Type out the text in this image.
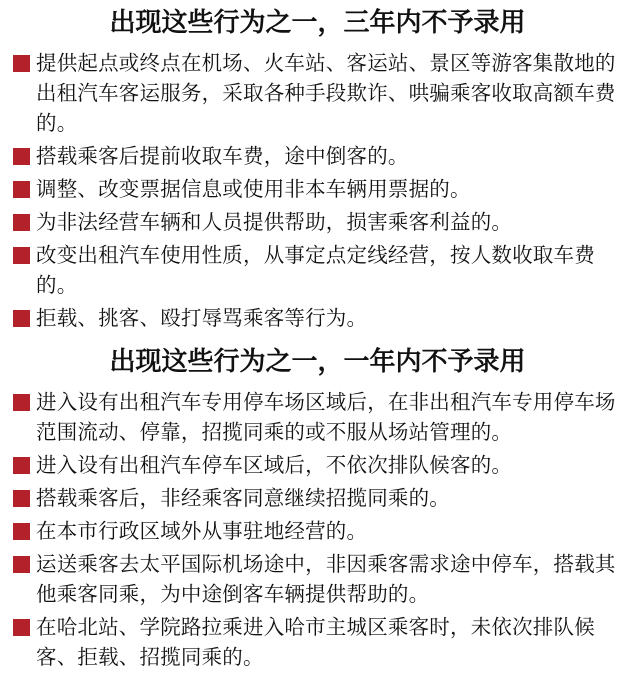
出现这些行为之一，三年内不予录用
提供起点或终点在机场、火车站、客运站、景区等游客集散地的出租汽车客运服务，采取各种手段欺诈、哄骗乘客收取高额车费的。
搭载乘客后提前收取车费，途中倒客的。
调整、改变票据信息或使用非本车辆用票据的。
为非法经营车辆和人员提供帮助，损害乘客利益的。
改变出租汽车使用性质，从事定点定线经营，按人数收取车费的。
拒载、挑客、殴打辱骂乘客等行为。
出现这些行为之一，一年内不予录用
进入设有出租汽车专用停车场区域后，在非出租汽车专用停车场范围流动、停靠，招揽同乘的或不服从场站管理的。
进入设有出租汽车停车区域后，不依次排队候客的。
搭载乘客后，非经乘客同意继续招揽同乘的。
在本市行政区域外从事驻地经营的。
运送乘客去太平国际机场途中，非因乘客需求途中停车，搭载其他乘客同乘，为中途倒客车辆提供帮助的。
在哈北站、学院路拉乘进入哈市主城区乘客时，未依次排队候客、拒载、招揽同乘的。
